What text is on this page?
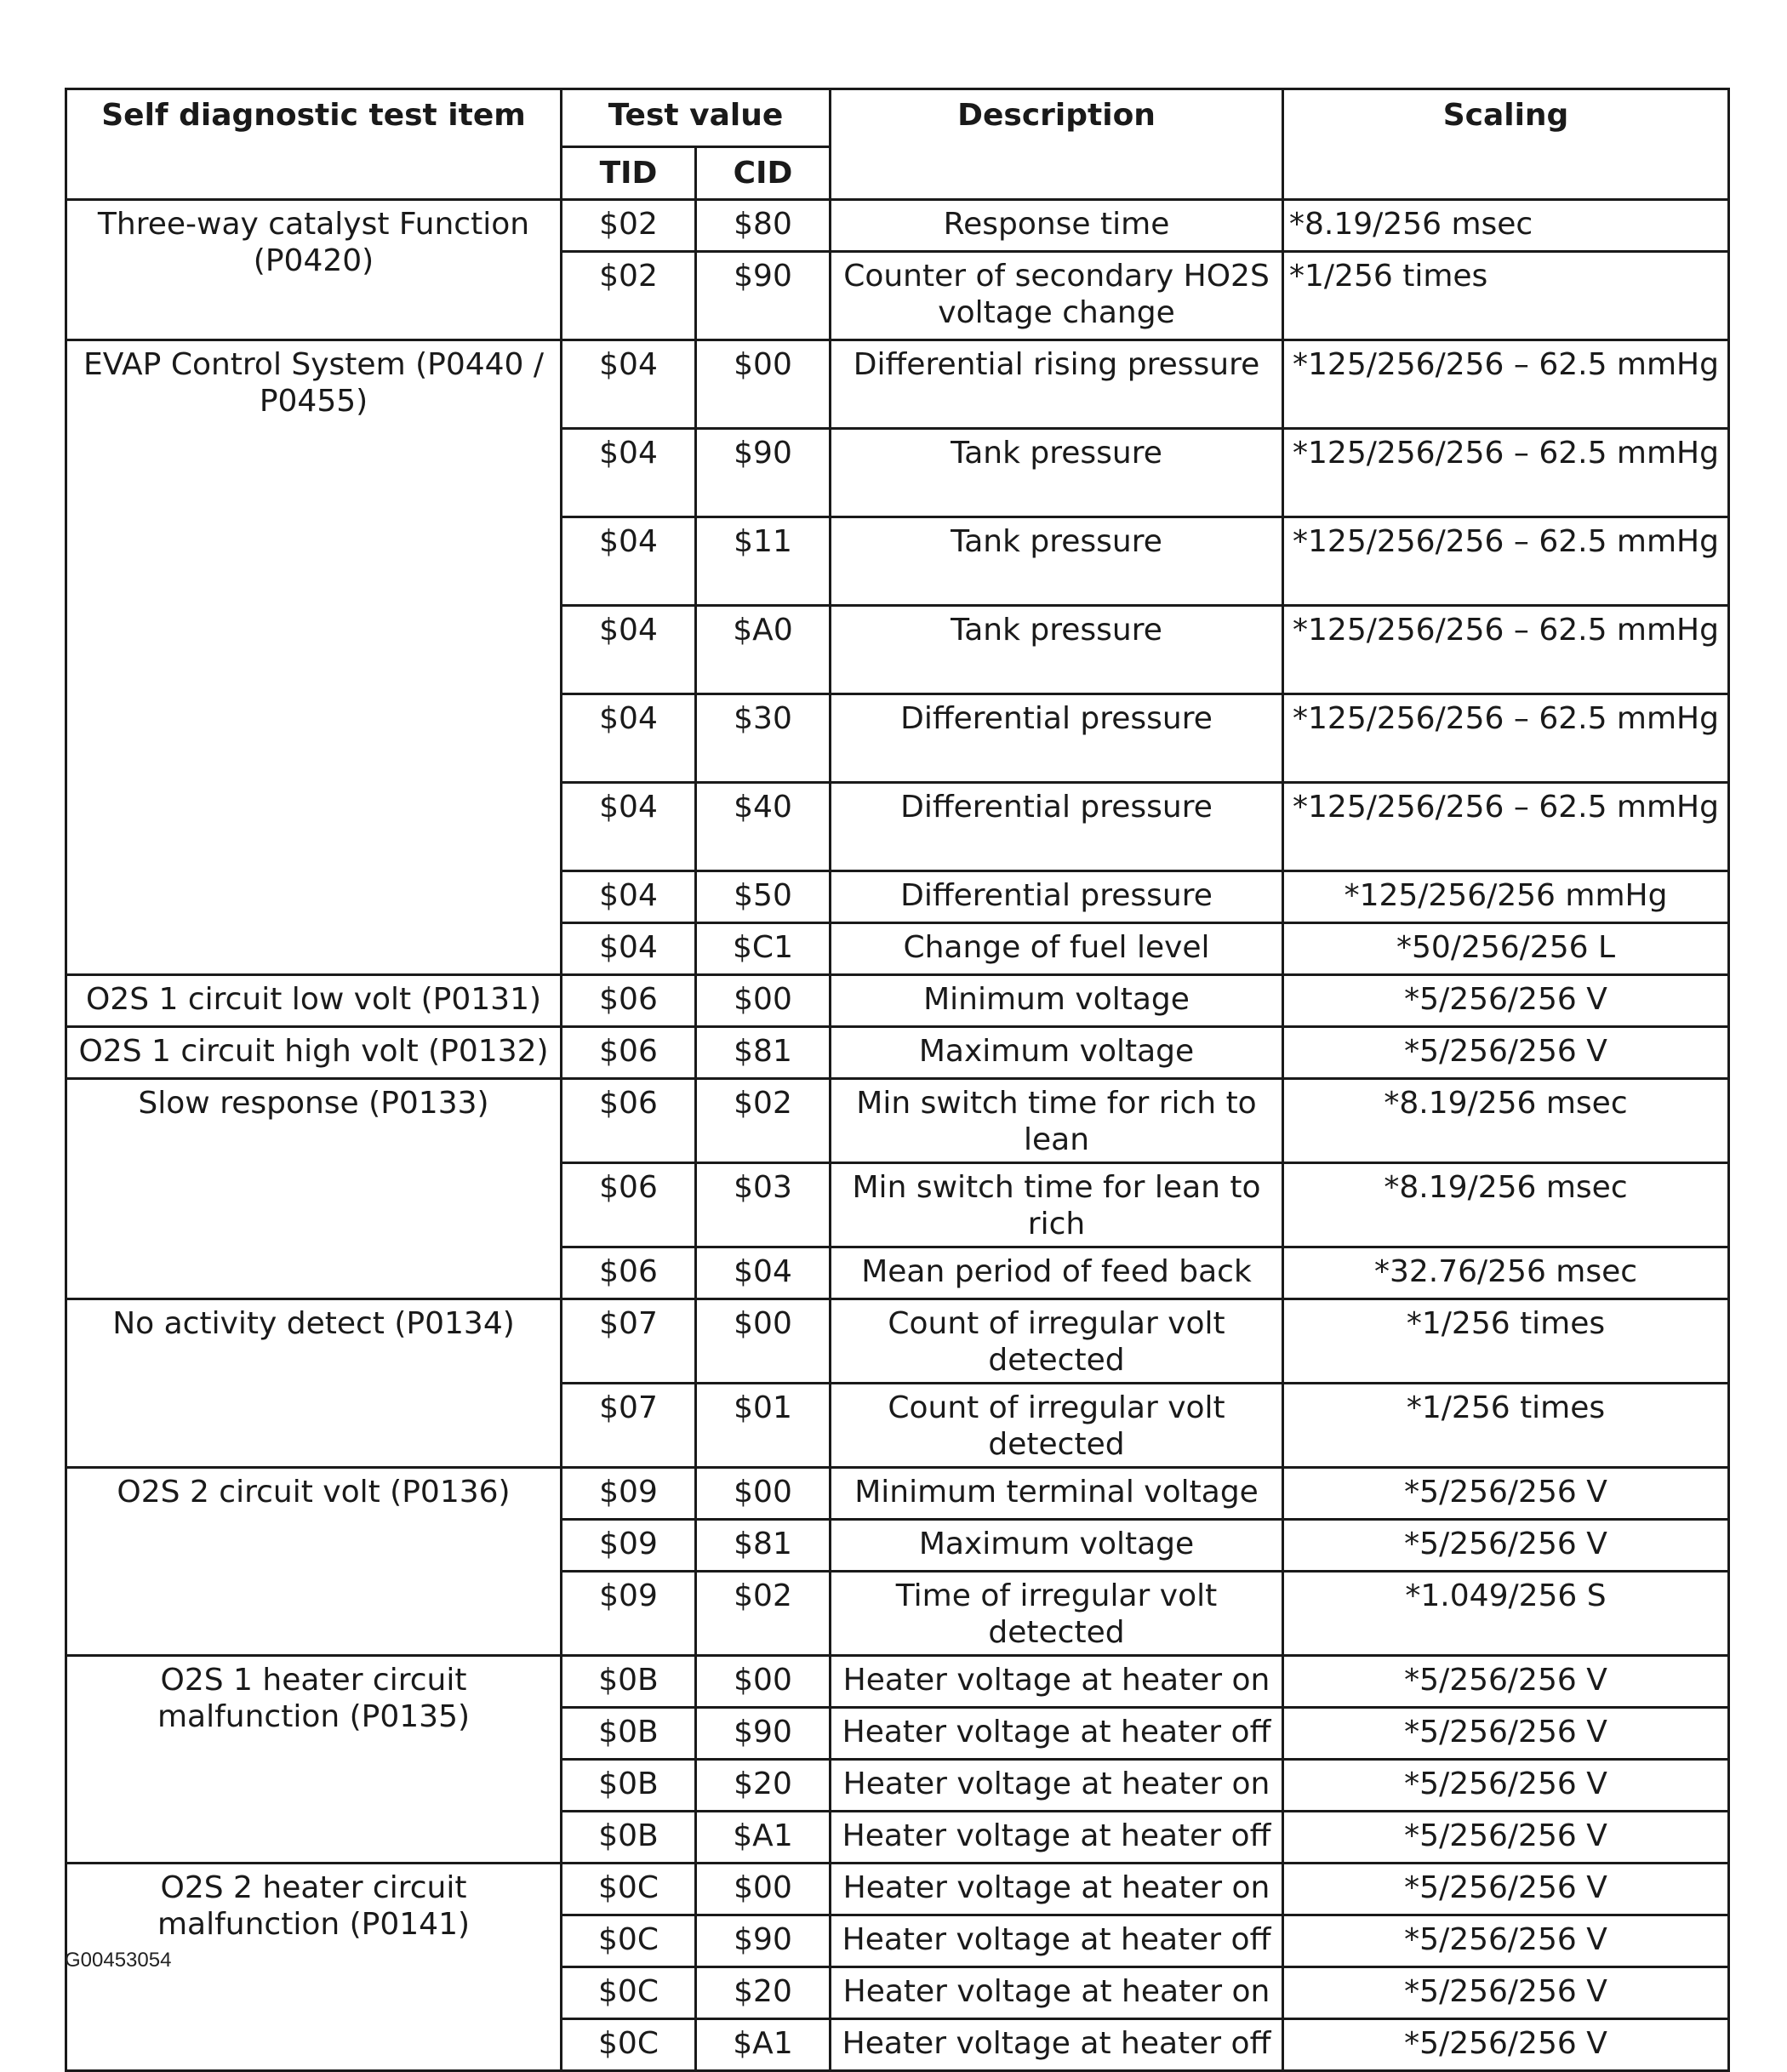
Self diagnostic test item	Test value		Description	Scaling
	TID	CID		
Three-way catalyst Function (P0420)	$02	$80	Response time	*8.19/256 msec
	$02	$90	Counter of secondary HO2S voltage change	*1/256 times
EVAP Control System (P0440 / P0455)	$04	$00	Differential rising pressure	*125/256/256 – 62.5 mmHg
	$04	$90	Tank pressure	*125/256/256 – 62.5 mmHg
	$04	$11	Tank pressure	*125/256/256 – 62.5 mmHg
	$04	$A0	Tank pressure	*125/256/256 – 62.5 mmHg
	$04	$30	Differential pressure	*125/256/256 – 62.5 mmHg
	$04	$40	Differential pressure	*125/256/256 – 62.5 mmHg
	$04	$50	Differential pressure	*125/256/256 mmHg
	$04	$C1	Change of fuel level	*50/256/256 L
O2S 1 circuit low volt (P0131)	$06	$00	Minimum voltage	*5/256/256 V
O2S 1 circuit high volt (P0132)	$06	$81	Maximum voltage	*5/256/256 V
Slow response (P0133)	$06	$02	Min switch time for rich to lean	*8.19/256 msec
	$06	$03	Min switch time for lean to rich	*8.19/256 msec
	$06	$04	Mean period of feed back	*32.76/256 msec
No activity detect (P0134)	$07	$00	Count of irregular volt detected	*1/256 times
	$07	$01	Count of irregular volt detected	*1/256 times
O2S 2 circuit volt (P0136)	$09	$00	Minimum terminal voltage	*5/256/256 V
	$09	$81	Maximum voltage	*5/256/256 V
	$09	$02	Time of irregular volt detected	*1.049/256 S
O2S 1 heater circuit malfunction (P0135)	$0B	$00	Heater voltage at heater on	*5/256/256 V
	$0B	$90	Heater voltage at heater off	*5/256/256 V
	$0B	$20	Heater voltage at heater on	*5/256/256 V
	$0B	$A1	Heater voltage at heater off	*5/256/256 V
O2S 2 heater circuit malfunction (P0141)	$0C	$00	Heater voltage at heater on	*5/256/256 V
	$0C	$90	Heater voltage at heater off	*5/256/256 V
	$0C	$20	Heater voltage at heater on	*5/256/256 V
	$0C	$A1	Heater voltage at heater off	*5/256/256 V
G00453054
